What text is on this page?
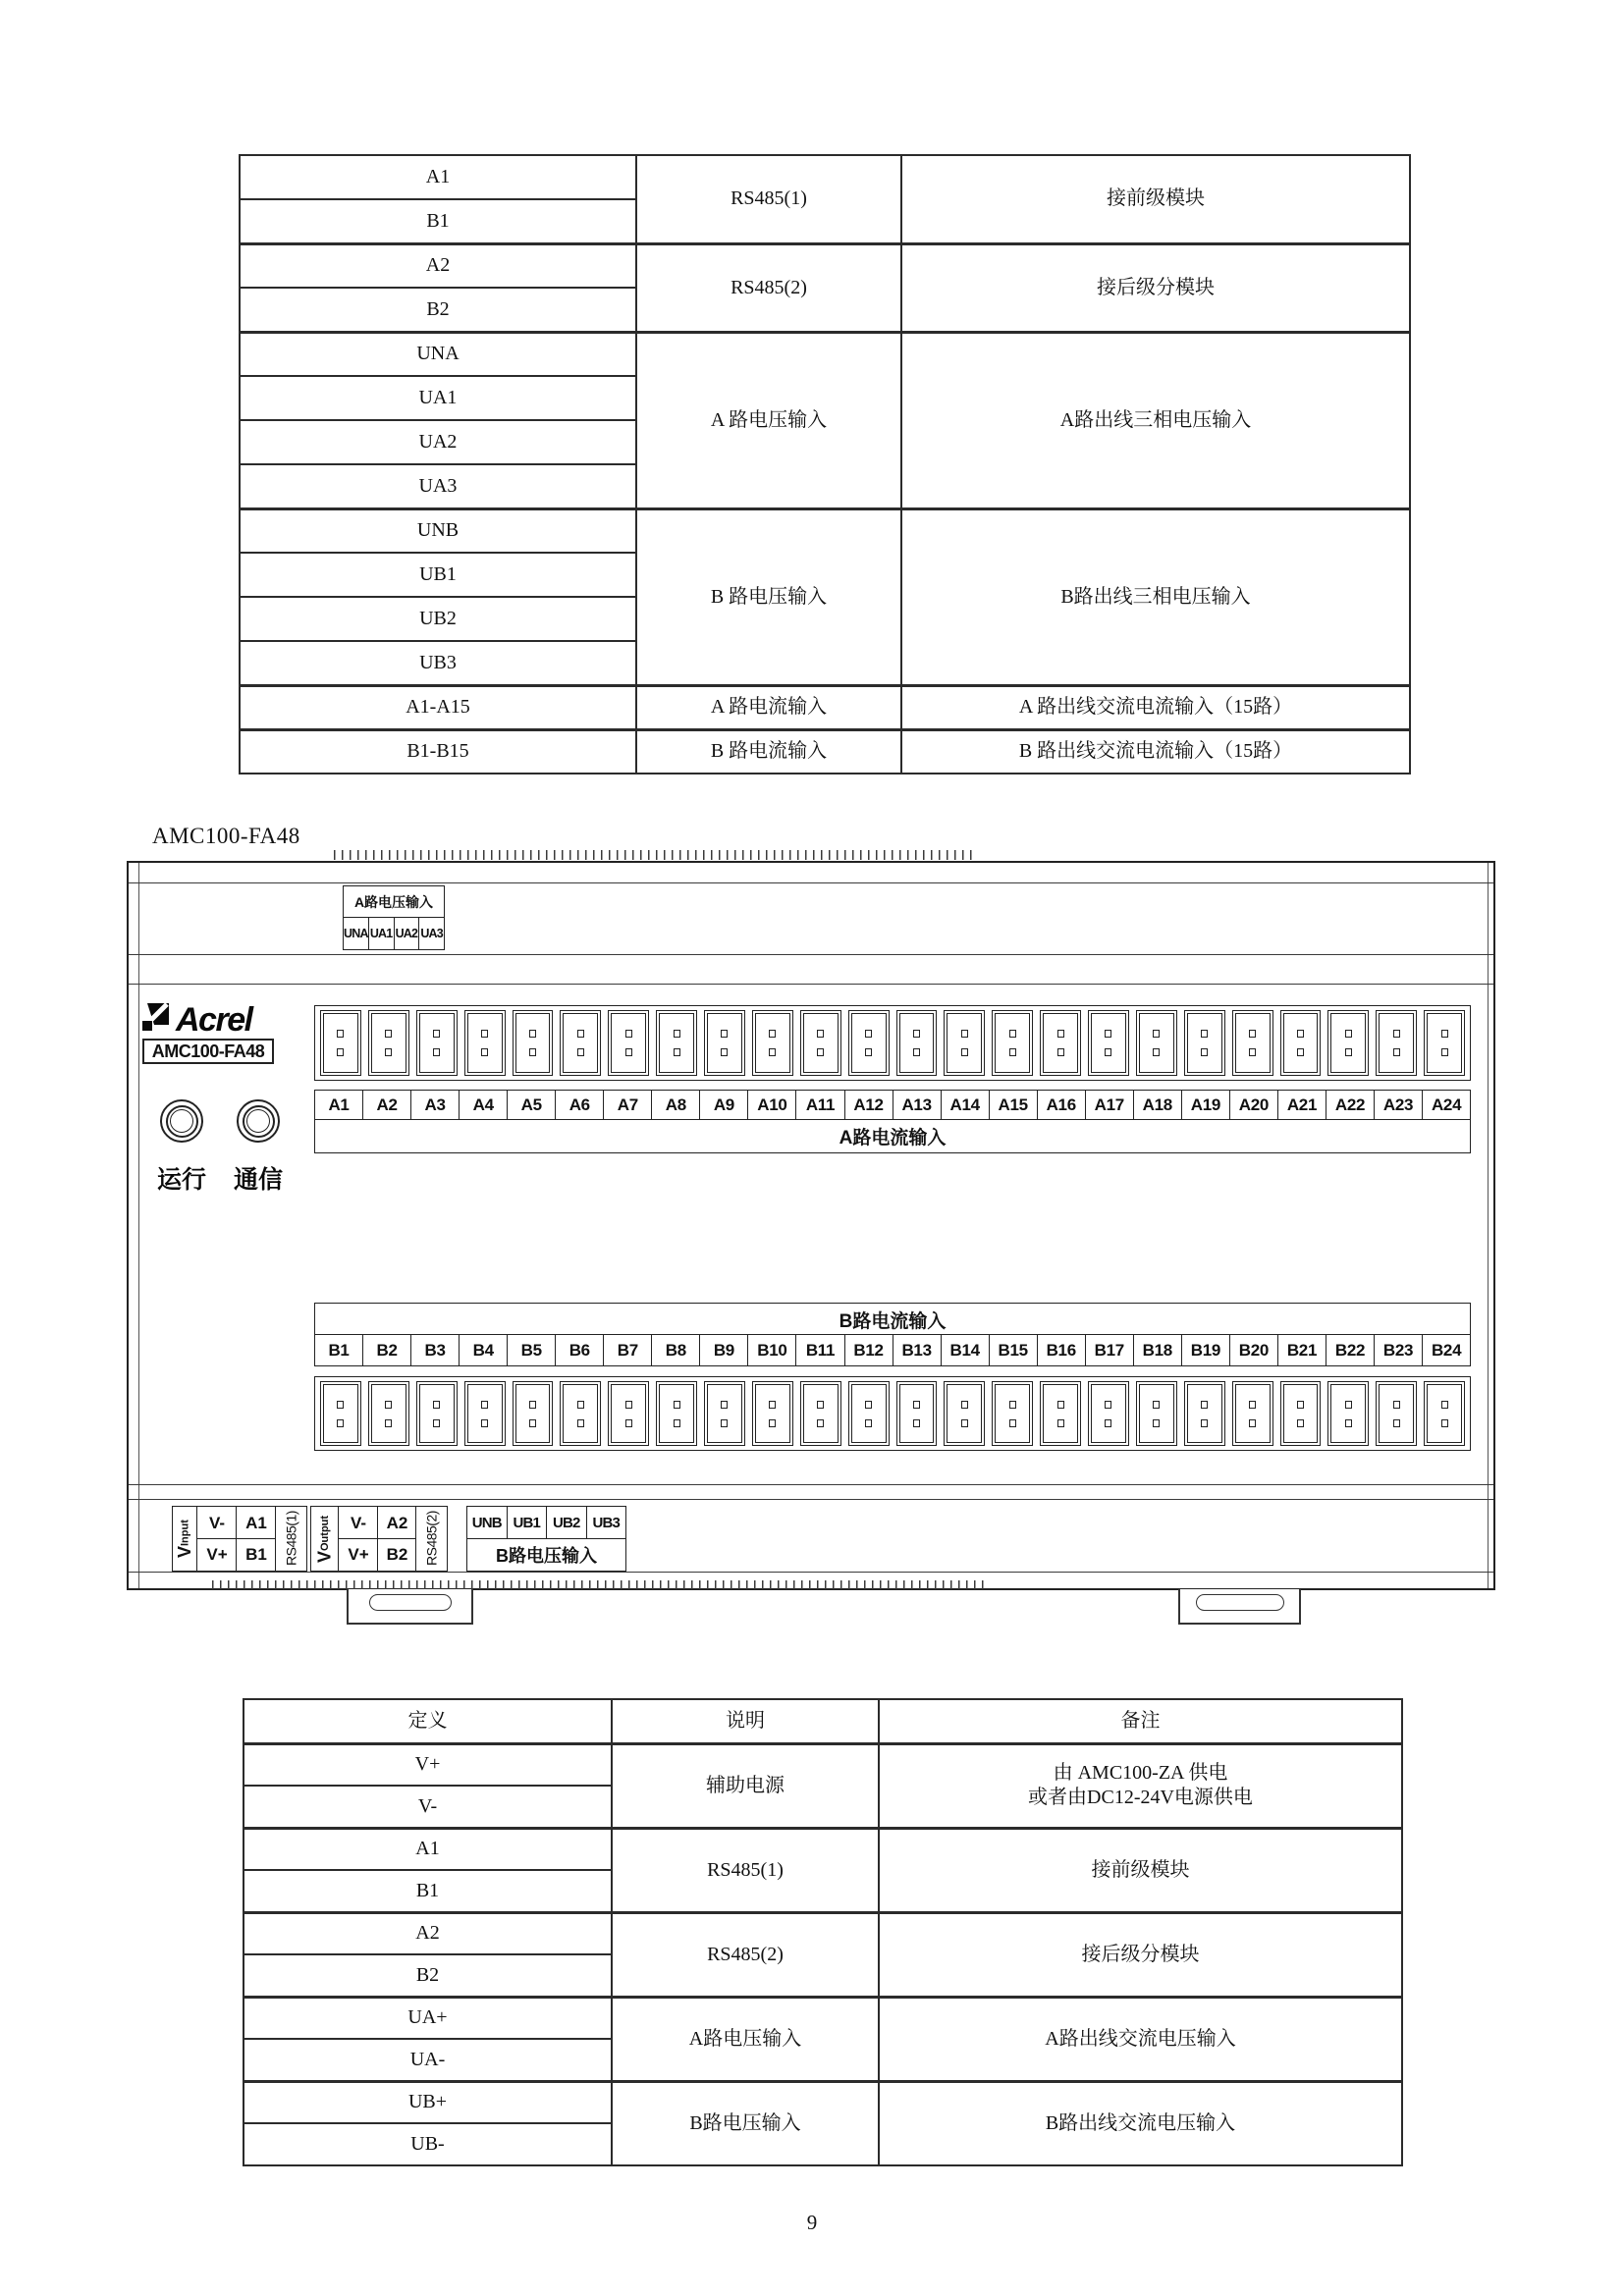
A1	RS485(1)	接前级模块
B1		
A2	RS485(2)	接后级分模块
B2		
UNA	A 路电压输入	A路出线三相电压输入
UA1		
UA2		
UA3		
UNB	B 路电压输入	B路出线三相电压输入
UB1		
UB2		
UB3		
A1-A15	A 路电流输入	A 路出线交流电流输入（15路）
B1-B15	B 路电流输入	B 路出线交流电流输入（15路）
AMC100-FA48
A路电压输入
UNA UA1 UA2 UA3
Acrel
AMC100-FA48
运行 通信
A1	A2	A3	A4	A5	A6	A7	A8	A9	A10	A11	A12	A13	A14	A15	A16	A17	A18	A19	A20	A21	A22	A23	A24
A路电流输入
B路电流输入
B1	B2	B3	B4	B5	B6	B7	B8	B9	B10	B11	B12	B13	B14	B15	B16	B17	B18	B19	B20	B21	B22	B23	B24
V
Input	V-
V+
A1
B1	RS485(1) V
Output	V-
V+
A2
B2	RS485(2)	UNB UB1 UB2 UB3
B路电压输入
定义	说明	备注
V+	辅助电源	由 AMC100-ZA 供电
或者由DC12-24V电源供电

V-		
A1	RS485(1)	接前级模块
B1		
A2	RS485(2)	接后级分模块
B2		
UA+	A路电压输入	A路出线交流电压输入
UA-		
UB+	B路电压输入	B路出线交流电压输入
UB-		
9
